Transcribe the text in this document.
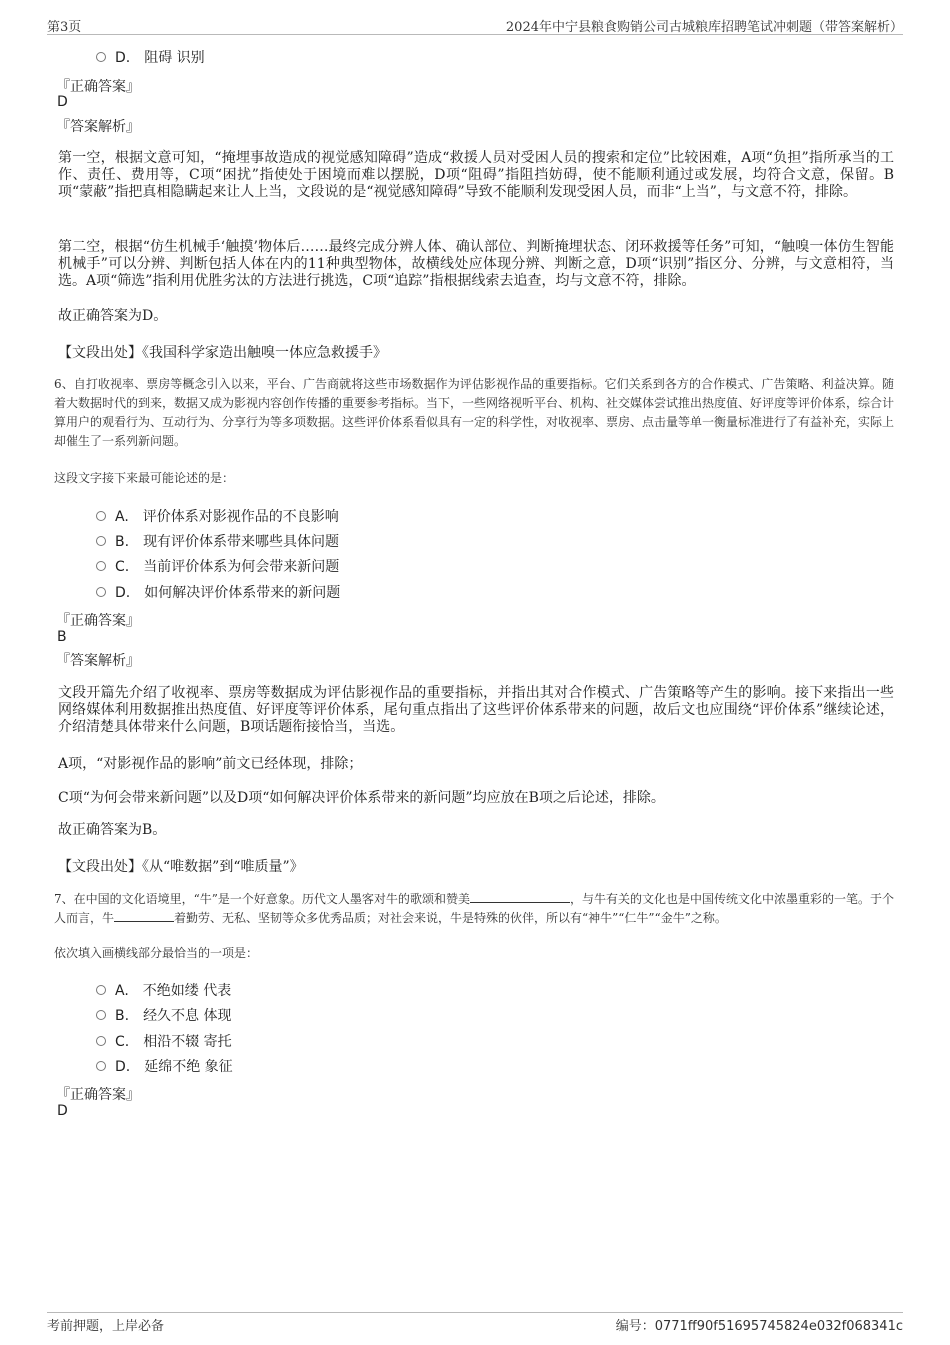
第3页	2024年中宁县粮食购销公司古城粮库招聘笔试冲刺题（带答案解析）
D. 阻碍 识别
『正确答案』
D
『答案解析』
第一空，根据文意可知，“掩埋事故造成的视觉感知障碍”造成“救援人员对受困人员的搜索和定位”比较困难，A项“负担”指所承当的工作、责任、费用等，C项“困扰”指使处于困境而难以摆脱，D项“阻碍”指阻挡妨碍，使不能顺利通过或发展，均符合文意，保留。B项“蒙蔽”指把真相隐瞒起来让人上当，文段说的是“视觉感知障碍”导致不能顺利发现受困人员，而非“上当”，与文意不符，排除。
第二空，根据“仿生机械手‘触摸’物体后……最终完成分辨人体、确认部位、判断掩埋状态、闭环救援等任务”可知，“触嗅一体仿生智能机械手”可以分辨、判断包括人体在内的11种典型物体，故横线处应体现分辨、判断之意，D项“识别”指区分、分辨，与文意相符，当选。A项“筛选”指利用优胜劣汰的方法进行挑选，C项“追踪”指根据线索去追查，均与文意不符，排除。
故正确答案为D。
【文段出处】《我国科学家造出触嗅一体应急救援手》
6、自打收视率、票房等概念引入以来，平台、广告商就将这些市场数据作为评估影视作品的重要指标。它们关系到各方的合作模式、广告策略、利益决算。随着大数据时代的到来，数据又成为影视内容创作传播的重要参考指标。当下，一些网络视听平台、机构、社交媒体尝试推出热度值、好评度等评价体系，综合计算用户的观看行为、互动行为、分享行为等多项数据。这些评价体系看似具有一定的科学性，对收视率、票房、点击量等单一衡量标准进行了有益补充，实际上却催生了一系列新问题。
这段文字接下来最可能论述的是：
A. 评价体系对影视作品的不良影响
B. 现有评价体系带来哪些具体问题
C. 当前评价体系为何会带来新问题
D. 如何解决评价体系带来的新问题
『正确答案』
B
『答案解析』
文段开篇先介绍了收视率、票房等数据成为评估影视作品的重要指标，并指出其对合作模式、广告策略等产生的影响。接下来指出一些网络媒体利用数据推出热度值、好评度等评价体系，尾句重点指出了这些评价体系带来的问题，故后文也应围绕“评价体系”继续论述，介绍清楚具体带来什么问题，B项话题衔接恰当，当选。
A项，“对影视作品的影响”前文已经体现，排除；
C项“为何会带来新问题”以及D项“如何解决评价体系带来的新问题”均应放在B项之后论述，排除。
故正确答案为B。
【文段出处】《从“唯数据”到“唯质量”》
7、在中国的文化语境里，“牛”是一个好意象。历代文人墨客对牛的歌颂和赞美	，与牛有关的文化也是中国传统文化中浓墨重彩的一笔。于个人而言，牛	着勤劳、无私、坚韧等众多优秀品质；对社会来说，牛是特殊的伙伴，所以有“神牛”“仁牛”“金牛”之称。
依次填入画横线部分最恰当的一项是：
A. 不绝如缕 代表
B. 经久不息 体现
C. 相沿不辍 寄托
D. 延绵不绝 象征
『正确答案』
D
考前押题，上岸必备	编号：0771ff90f51695745824e032f068341c
